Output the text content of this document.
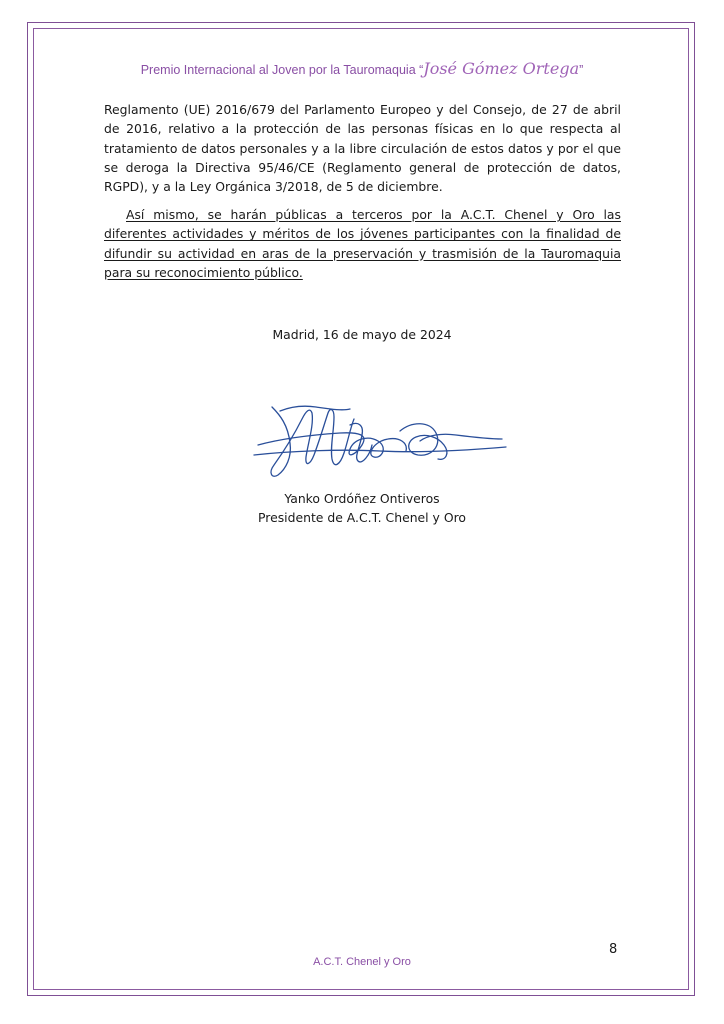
Premio Internacional al Joven por la Tauromaquia “José Gómez Ortega”

Reglamento (UE) 2016/679 del Parlamento Europeo y del Consejo, de 27 de abril de 2016, relativo a la protección de las personas físicas en lo que respecta al tratamiento de datos personales y a la libre circulación de estos datos y por el que se deroga la Directiva 95/46/CE (Reglamento general de protección de datos, RGPD), y a la Ley Orgánica 3/2018, de 5 de diciembre.

Así mismo, se harán públicas a terceros por la A.C.T. Chenel y Oro las diferentes actividades y méritos de los jóvenes participantes con la finalidad de difundir su actividad en aras de la preservación y trasmisión de la Tauromaquia para su reconocimiento público.

Madrid, 16 de mayo de 2024
Yanko Ordóñez Ontiveros
Presidente de A.C.T. Chenel y Oro
8
A.C.T. Chenel y Oro
